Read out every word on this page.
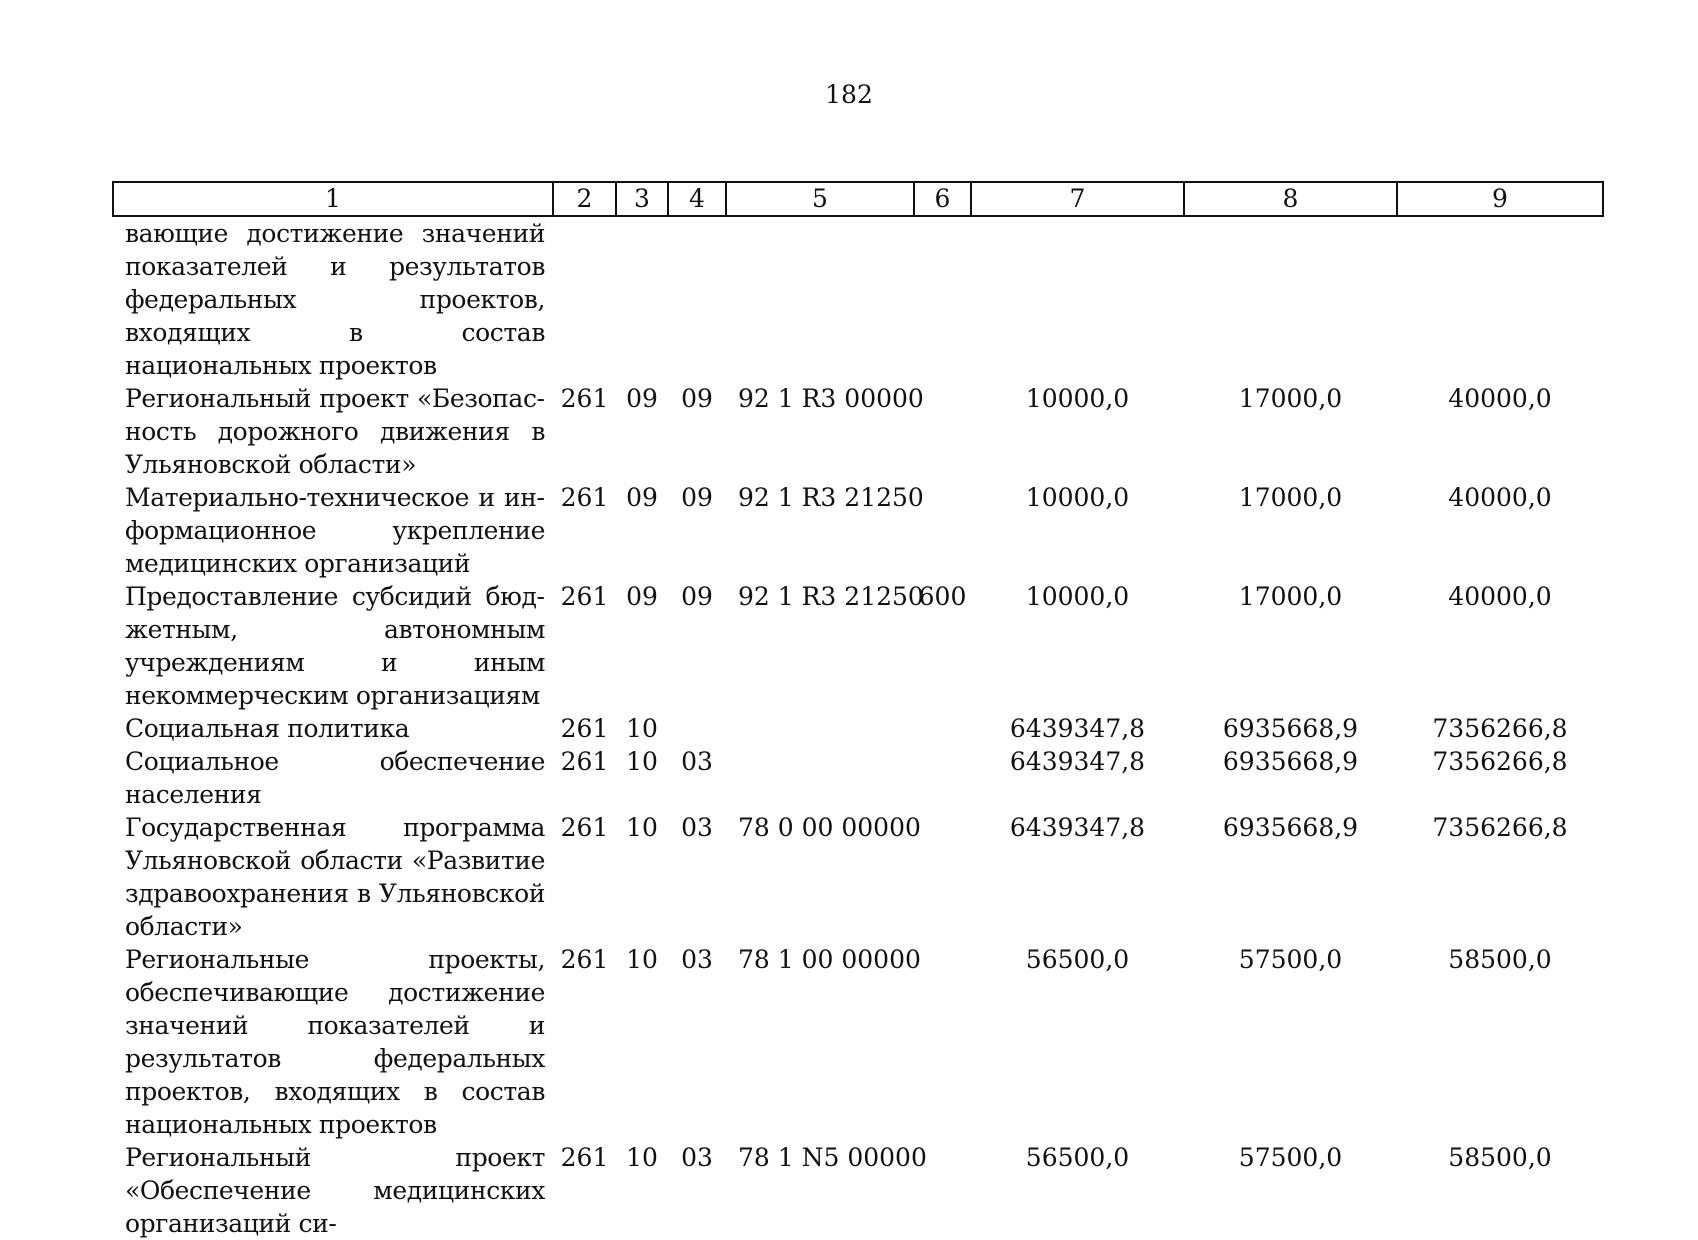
182
1	2	3	4	5	6	7	8	9
вающие достижение значений показателей и результатов федеральных проектов, входящих в состав национальных проектов								
Региональный проект «Безопасность дорожного движения в Ульяновской области»	261	09	09	92 1 R3 00000		10000,0	17000,0	40000,0
Материально-техническое и информационное укрепление медицинских организаций	261	09	09	92 1 R3 21250		10000,0	17000,0	40000,0
Предоставление субсидий бюджетным, автономным учреждениям и иным некоммерческим организациям	261	09	09	92 1 R3 21250	600	10000,0	17000,0	40000,0
Социальная политика	261	10				6439347,8	6935668,9	7356266,8
Социальное обеспечение населения	261	10	03			6439347,8	6935668,9	7356266,8
Государственная программа Ульяновской области «Развитие здравоохранения в Ульяновской области»	261	10	03	78 0 00 00000		6439347,8	6935668,9	7356266,8
Региональные проекты, обеспечивающие достижение значений показателей и результатов федеральных проектов, входящих в состав национальных проектов	261	10	03	78 1 00 00000		56500,0	57500,0	58500,0
Региональный проект «Обеспечение медицинских организаций си-	261	10	03	78 1 N5 00000		56500,0	57500,0	58500,0
